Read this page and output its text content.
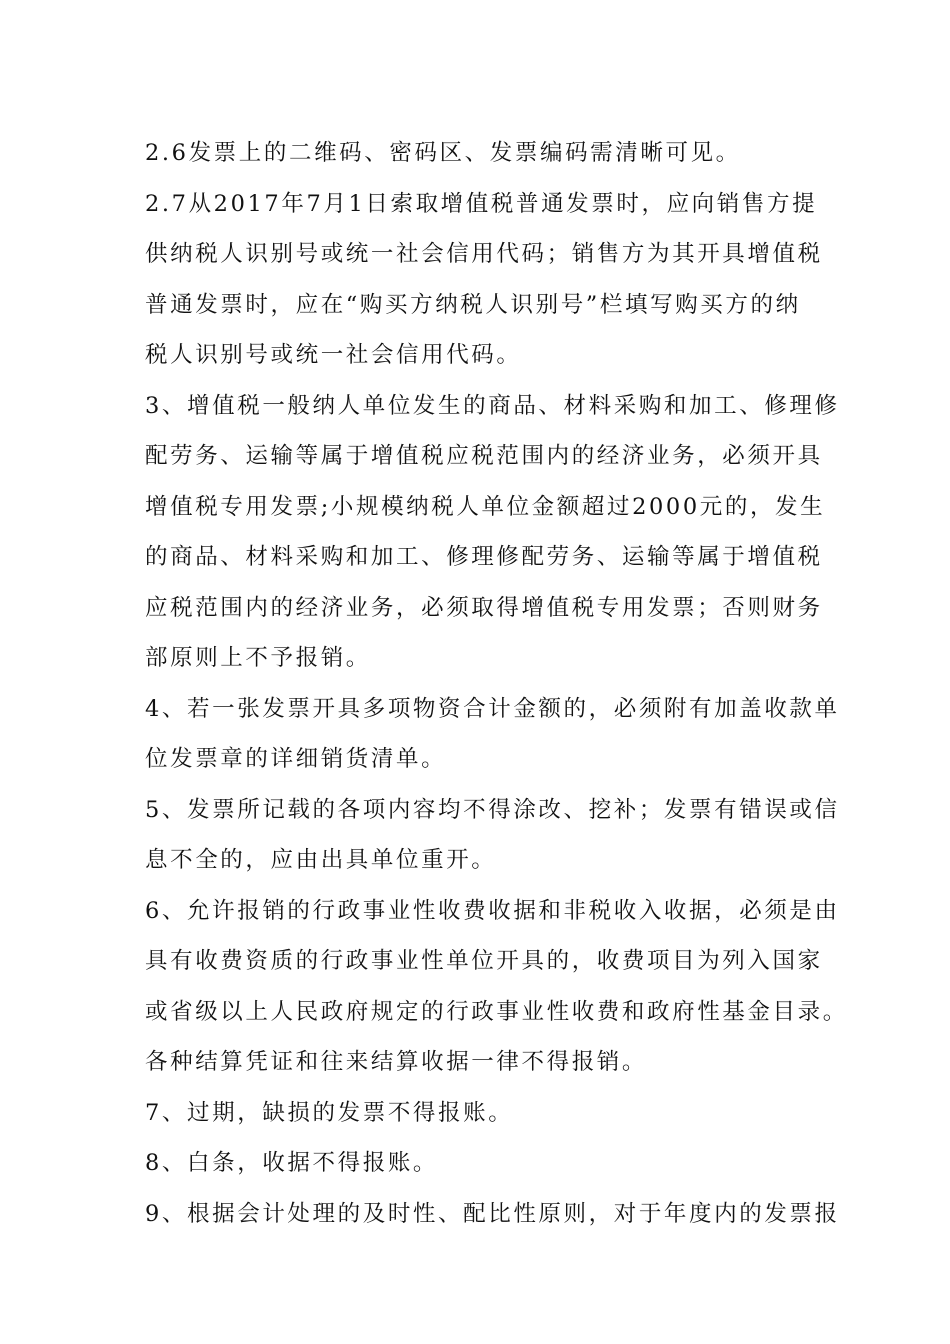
2.6发票上的二维码、密码区、发票编码需清晰可见。
2.7从2017年7月1日索取增值税普通发票时，应向销售方提
供纳税人识别号或统一社会信用代码；销售方为其开具增值税
普通发票时，应在“购买方纳税人识别号”栏填写购买方的纳
税人识别号或统一社会信用代码。
3、增值税一般纳人单位发生的商品、材料采购和加工、修理修
配劳务、运输等属于增值税应税范围内的经济业务，必须开具
增值税专用发票;小规模纳税人单位金额超过2000元的，发生
的商品、材料采购和加工、修理修配劳务、运输等属于增值税
应税范围内的经济业务，必须取得增值税专用发票；否则财务
部原则上不予报销。
4、若一张发票开具多项物资合计金额的，必须附有加盖收款单
位发票章的详细销货清单。
5、发票所记载的各项内容均不得涂改、挖补；发票有错误或信
息不全的，应由出具单位重开。
6、允许报销的行政事业性收费收据和非税收入收据，必须是由
具有收费资质的行政事业性单位开具的，收费项目为列入国家
或省级以上人民政府规定的行政事业性收费和政府性基金目录。
各种结算凭证和往来结算收据一律不得报销。
7、过期，缺损的发票不得报账。
8、白条，收据不得报账。
9、根据会计处理的及时性、配比性原则，对于年度内的发票报
